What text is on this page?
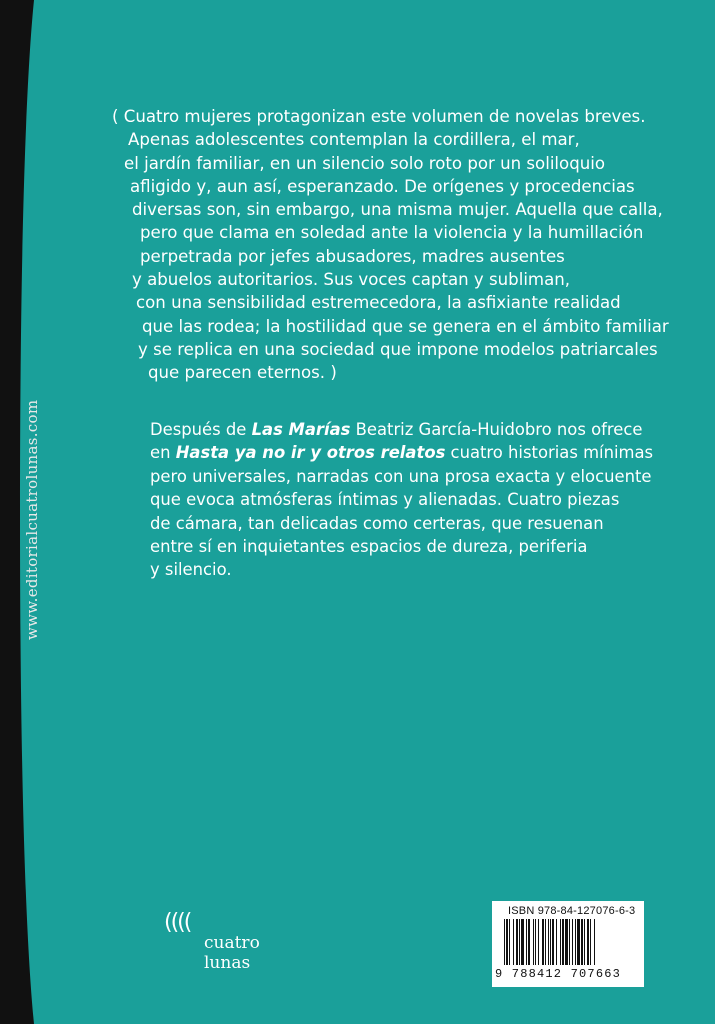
www.editorialcuatrolunas.com
( Cuatro mujeres protagonizan este volumen de novelas breves.
Apenas adolescentes contemplan la cordillera, el mar,
el jardín familiar, en un silencio solo roto por un soliloquio
afligido y, aun así, esperanzado. De orígenes y procedencias
diversas son, sin embargo, una misma mujer. Aquella que calla,
pero que clama en soledad ante la violencia y la humillación
perpetrada por jefes abusadores, madres ausentes
y abuelos autoritarios. Sus voces captan y subliman,
con una sensibilidad estremecedora, la asfixiante realidad
que las rodea; la hostilidad que se genera en el ámbito familiar
y se replica en una sociedad que impone modelos patriarcales
que parecen eternos. )
Después de Las Marías Beatriz García-Huidobro nos ofrece
en Hasta ya no ir y otros relatos cuatro historias mínimas
pero universales, narradas con una prosa exacta y elocuente
que evoca atmósferas íntimas y alienadas. Cuatro piezas
de cámara, tan delicadas como certeras, que resuenan
entre sí en inquietantes espacios de dureza, periferia
y silencio.
((((
cuatro
lunas
ISBN 978-84-127076-6-3
9 788412 707663
